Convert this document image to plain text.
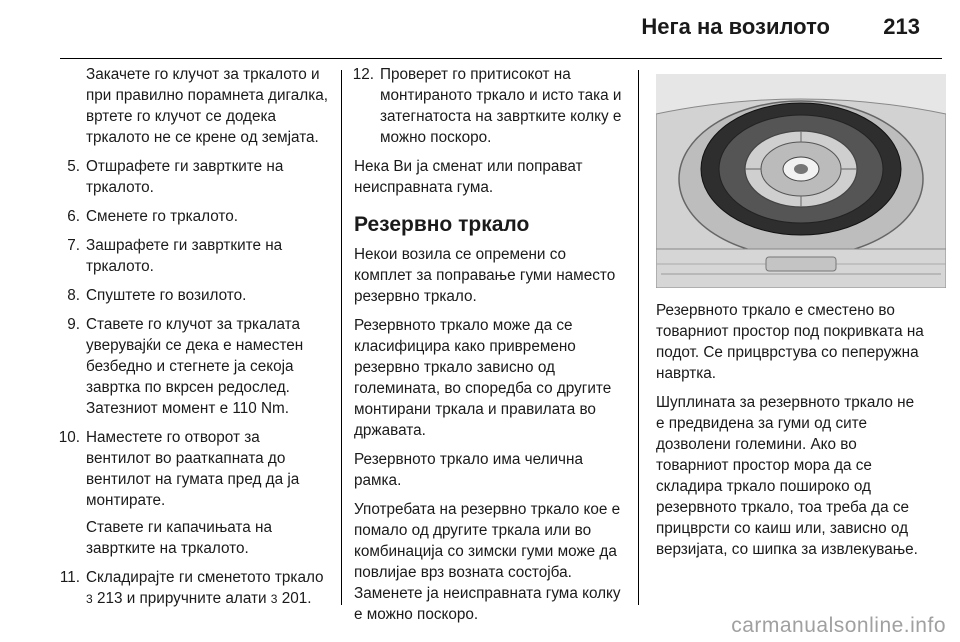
Нега на возилото 213

Закачете го клучот за тркалото и при правилно порамнета дигалка, вртете го клучот се додека тркалото не се крене од земјата.

5. Отшрафете ги завртките на тркалото.
6. Сменете го тркалото.
7. Зашрафете ги завртките на тркалото.
8. Спуштете го возилото.
9. Ставете го клучот за тркалата уверувајќи се дека е наместен безбедно и стегнете ја секоја завртка по вкрсен редослед. Затезниот момент е 110 Nm.
10. Наместете го отворот за вентилот во рааткапната до вентилот на гумата пред да ја монтирате.

Ставете ги капачињата на завртките на тркалото.

11. Складирајте ги сменетото тркало 3 213 и приручните алати 3 201.
12. Проверет го притисокот на монтираното тркало и исто така и затегнатоста на завртките колку е можно поскоро.

Нека Ви ја сменат или поправат неисправната гума.

Резервно тркало

Некои возила се опремени со комплет за поправање гуми наместо резервно тркало.

Резервното тркало може да се класифицира како привремено резервно тркало зависно од големината, во споредба со другите монтирани тркала и правилата во државата.

Резервното тркало има челична рамка.

Употребата на резервно тркало кое е помало од другите тркала или во комбинација со зимски гуми може да повлијае врз возната состојба. Заменете ја неисправната гума колку е можно поскоро.

Резервното тркало е сместено во товарниот простор под покривката на подот. Се прицврстува со пеперужна навртка.

Шуплината за резервното тркало не е предвидена за гуми од сите дозволени големини. Ако во товарниот простор мора да се складира тркало пошироко од резервното тркало, тоа треба да се прицврсти со каиш или, зависно од верзијата, со шипка за извлекување.

carmanualsonline.info
